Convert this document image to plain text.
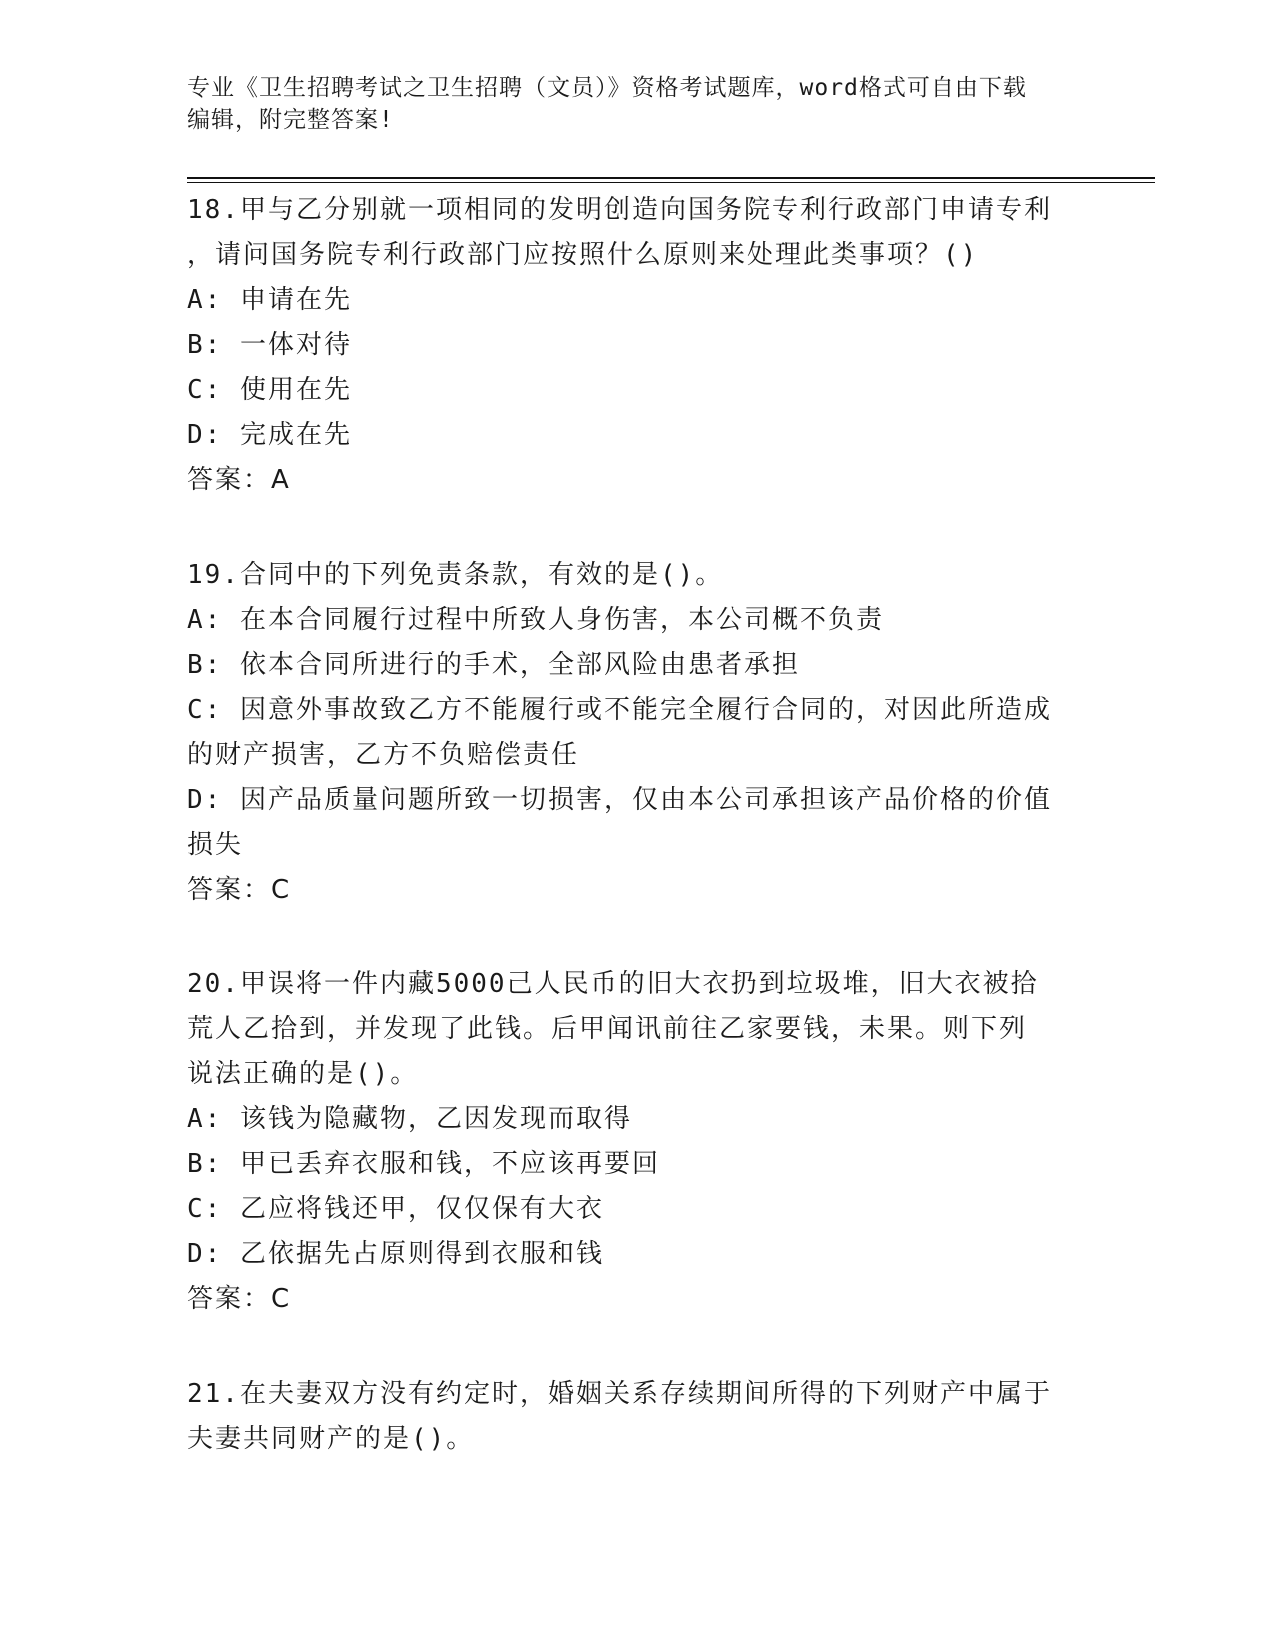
专业《卫生招聘考试之卫生招聘（文员）》资格考试题库，word格式可自由下载
编辑，附完整答案!
18.甲与乙分别就一项相同的发明创造向国务院专利行政部门申请专利
，请问国务院专利行政部门应按照什么原则来处理此类事项？()
A: 申请在先
B: 一体对待
C: 使用在先
D: 完成在先
答案：A
19.合同中的下列免责条款，有效的是()。
A: 在本合同履行过程中所致人身伤害，本公司概不负责
B: 依本合同所进行的手术，全部风险由患者承担
C: 因意外事故致乙方不能履行或不能完全履行合同的，对因此所造成
的财产损害，乙方不负赔偿责任
D: 因产品质量问题所致一切损害，仅由本公司承担该产品价格的价值
损失
答案：C
20.甲误将一件内藏5000己人民币的旧大衣扔到垃圾堆，旧大衣被拾
荒人乙拾到，并发现了此钱。后甲闻讯前往乙家要钱，未果。则下列
说法正确的是()。
A: 该钱为隐藏物，乙因发现而取得
B: 甲已丢弃衣服和钱，不应该再要回
C: 乙应将钱还甲，仅仅保有大衣
D: 乙依据先占原则得到衣服和钱
答案：C
21.在夫妻双方没有约定时，婚姻关系存续期间所得的下列财产中属于
夫妻共同财产的是()。
